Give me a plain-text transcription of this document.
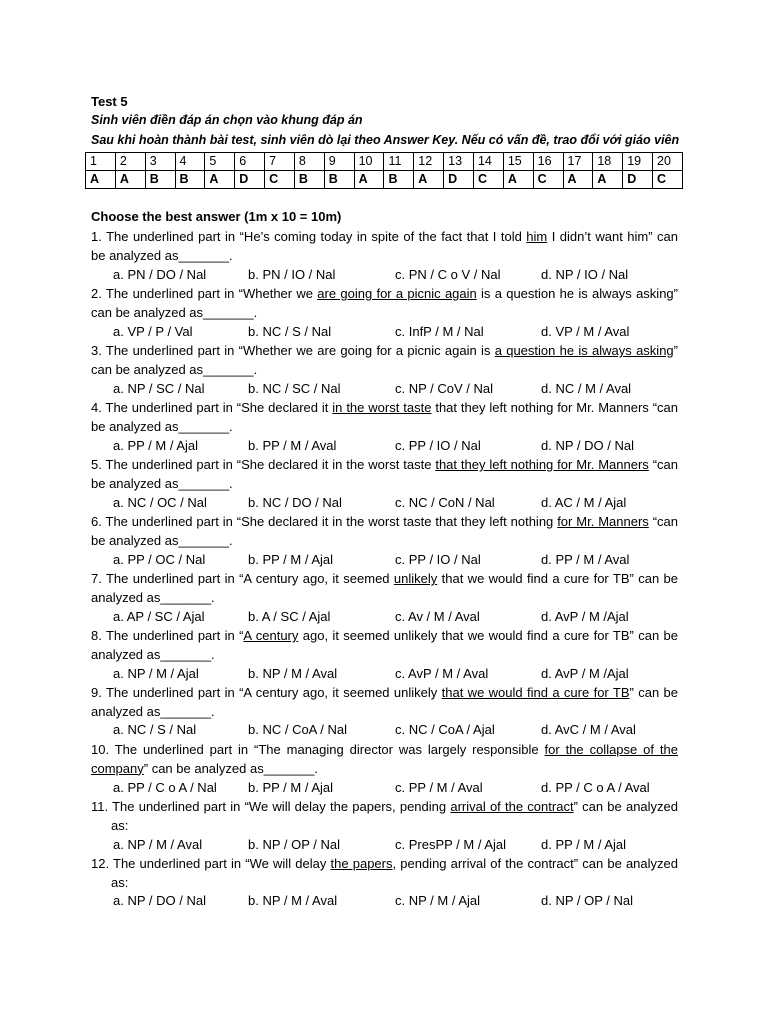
Test 5
Sinh viên điền đáp án chọn vào khung đáp án
Sau khi hoàn thành bài test, sinh viên dò lại theo Answer Key. Nếu có vấn đề, trao đổi với giáo viên
1	2	3	4	5	6	7	8	9	10	11	12	13	14	15	16	17	18	19	20
A	A	B	B	A	D	C	B	B	A	B	A	D	C	A	C	A	A	D	C
Choose the best answer (1m x 10 = 10m)
1. The underlined part in “He’s coming today in spite of the fact that I told him I didn’t want him” can be analyzed as_______.
a. PN / DO / Nal	b. PN / IO / Nal	c. PN / C o V / Nal	d. NP / IO / Nal
2. The underlined part in “Whether we are going for a picnic again is a question he is always asking” can be analyzed as_______.
a. VP / P / Val	b. NC / S / Nal	c. InfP / M / Nal	d. VP / M / Aval
3. The underlined part in “Whether we are going for a picnic again is a question he is always asking” can be analyzed as_______.
a. NP / SC / Nal	b. NC / SC / Nal	c. NP / CoV / Nal	d. NC / M / Aval
4. The underlined part in “She declared it in the worst taste that they left nothing for Mr. Manners “can be analyzed as_______.
a. PP / M / Ajal	b. PP / M / Aval	c. PP / IO / Nal	d. NP / DO / Nal
5. The underlined part in “She declared it in the worst taste that they left nothing for Mr. Manners “can be analyzed as_______.
a. NC / OC / Nal	b. NC / DO / Nal	c. NC / CoN / Nal	d. AC / M / Ajal
6. The underlined part in “She declared it in the worst taste that they left nothing for Mr. Manners “can be analyzed as_______.
a. PP / OC / Nal	b. PP / M / Ajal	c. PP / IO / Nal	d. PP / M / Aval
7. The underlined part in “A century ago, it seemed unlikely that we would find a cure for TB” can be analyzed as_______.
a. AP / SC / Ajal	b. A / SC / Ajal	c. Av / M / Aval	d. AvP / M /Ajal
8. The underlined part in “A century ago, it seemed unlikely that we would find a cure for TB” can be analyzed as_______.
a. NP / M / Ajal	b. NP / M / Aval	c. AvP / M / Aval	d. AvP / M /Ajal
9. The underlined part in “A century ago, it seemed unlikely that we would find a cure for TB” can be analyzed as_______.
a. NC / S / Nal	b. NC / CoA / Nal	c. NC / CoA / Ajal	d. AvC / M / Aval
10. The underlined part in “The managing director was largely responsible for the collapse of the company” can be analyzed as_______.
a. PP / C o A / Nal b. PP / M / Ajal	c. PP / M / Aval	d. PP / C o A / Aval
11. The underlined part in “We will delay the papers, pending arrival of the contract” can be analyzed as:
a. NP / M / Aval	b. NP / OP / Nal	c. PresPP / M / Ajal	d. PP / M / Ajal
12. The underlined part in “We will delay the papers, pending arrival of the contract” can be analyzed as:
a. NP / DO / Nal	b. NP / M / Aval	c. NP / M / Ajal	d. NP / OP / Nal
